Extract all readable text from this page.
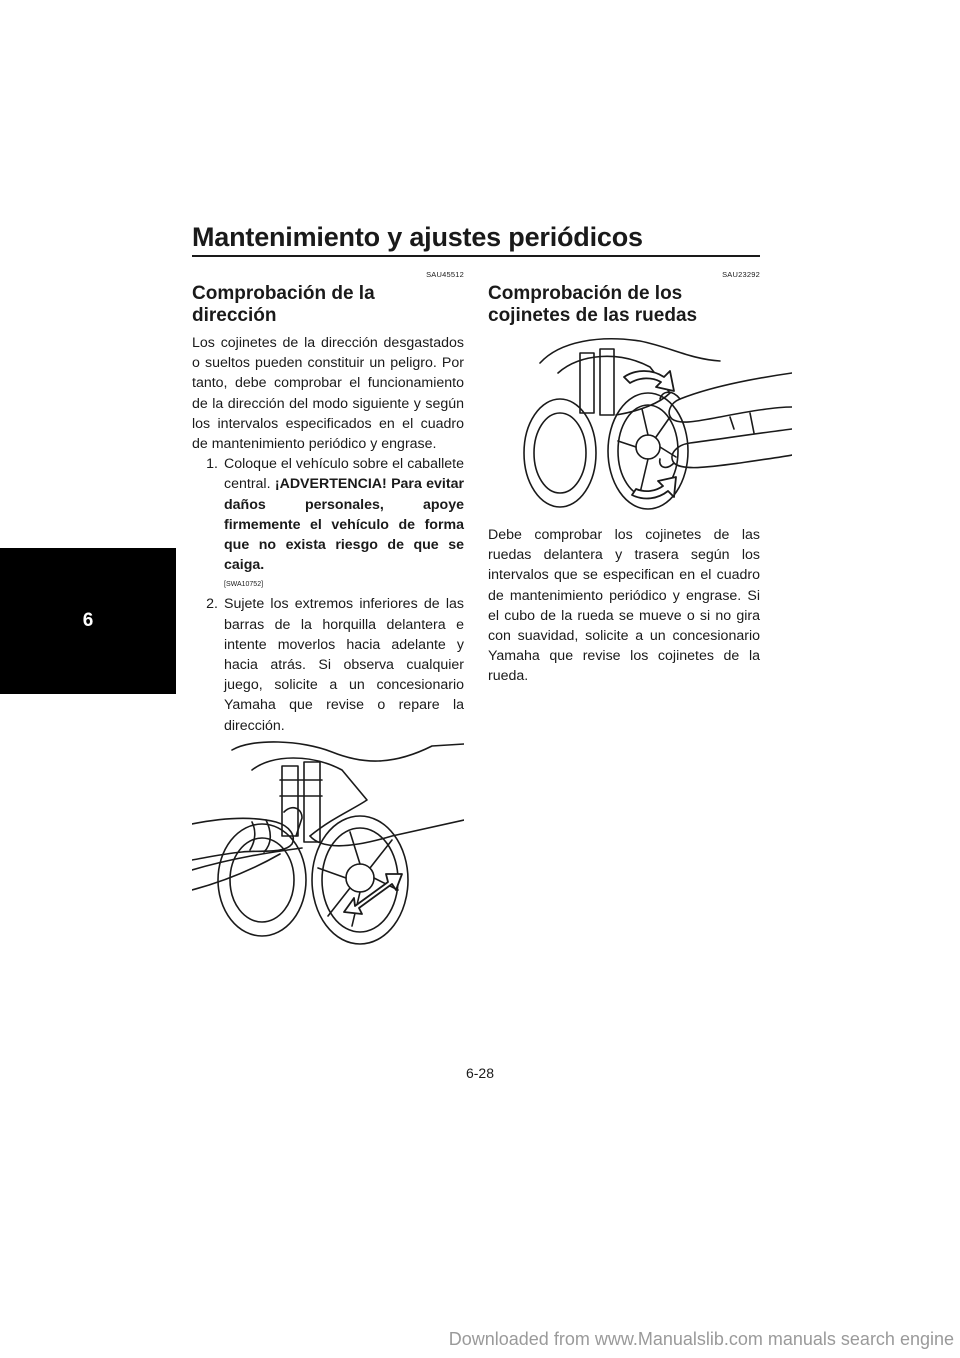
Mantenimiento y ajustes periódicos
6
SAU45512
Comprobación de la dirección

Los cojinetes de la dirección desgastados o sueltos pueden constituir un peligro. Por tanto, debe comprobar el funcionamiento de la dirección del modo siguiente y según los intervalos especificados en el cuadro de mantenimiento periódico y engrase.

1. Coloque el vehículo sobre el caballete central. ¡ADVERTENCIA! Para evitar daños personales, apoye firmemente el vehículo de forma que no exista riesgo de que se caiga.
[SWA10752]
2. Sujete los extremos inferiores de las barras de la horquilla delantera e intente moverlos hacia adelante y hacia atrás. Si observa cualquier juego, solicite a un concesionario Yamaha que revise o repare la dirección.
SAU23292
Comprobación de los cojinetes de las ruedas

Debe comprobar los cojinetes de las ruedas delantera y trasera según los intervalos que se especifican en el cuadro de mantenimiento periódico y engrase. Si el cubo de la rueda se mueve o si no gira con suavidad, solicite a un concesionario Yamaha que revise los cojinetes de la rueda.

6-28
Downloaded from www.Manualslib.com manuals search engine
